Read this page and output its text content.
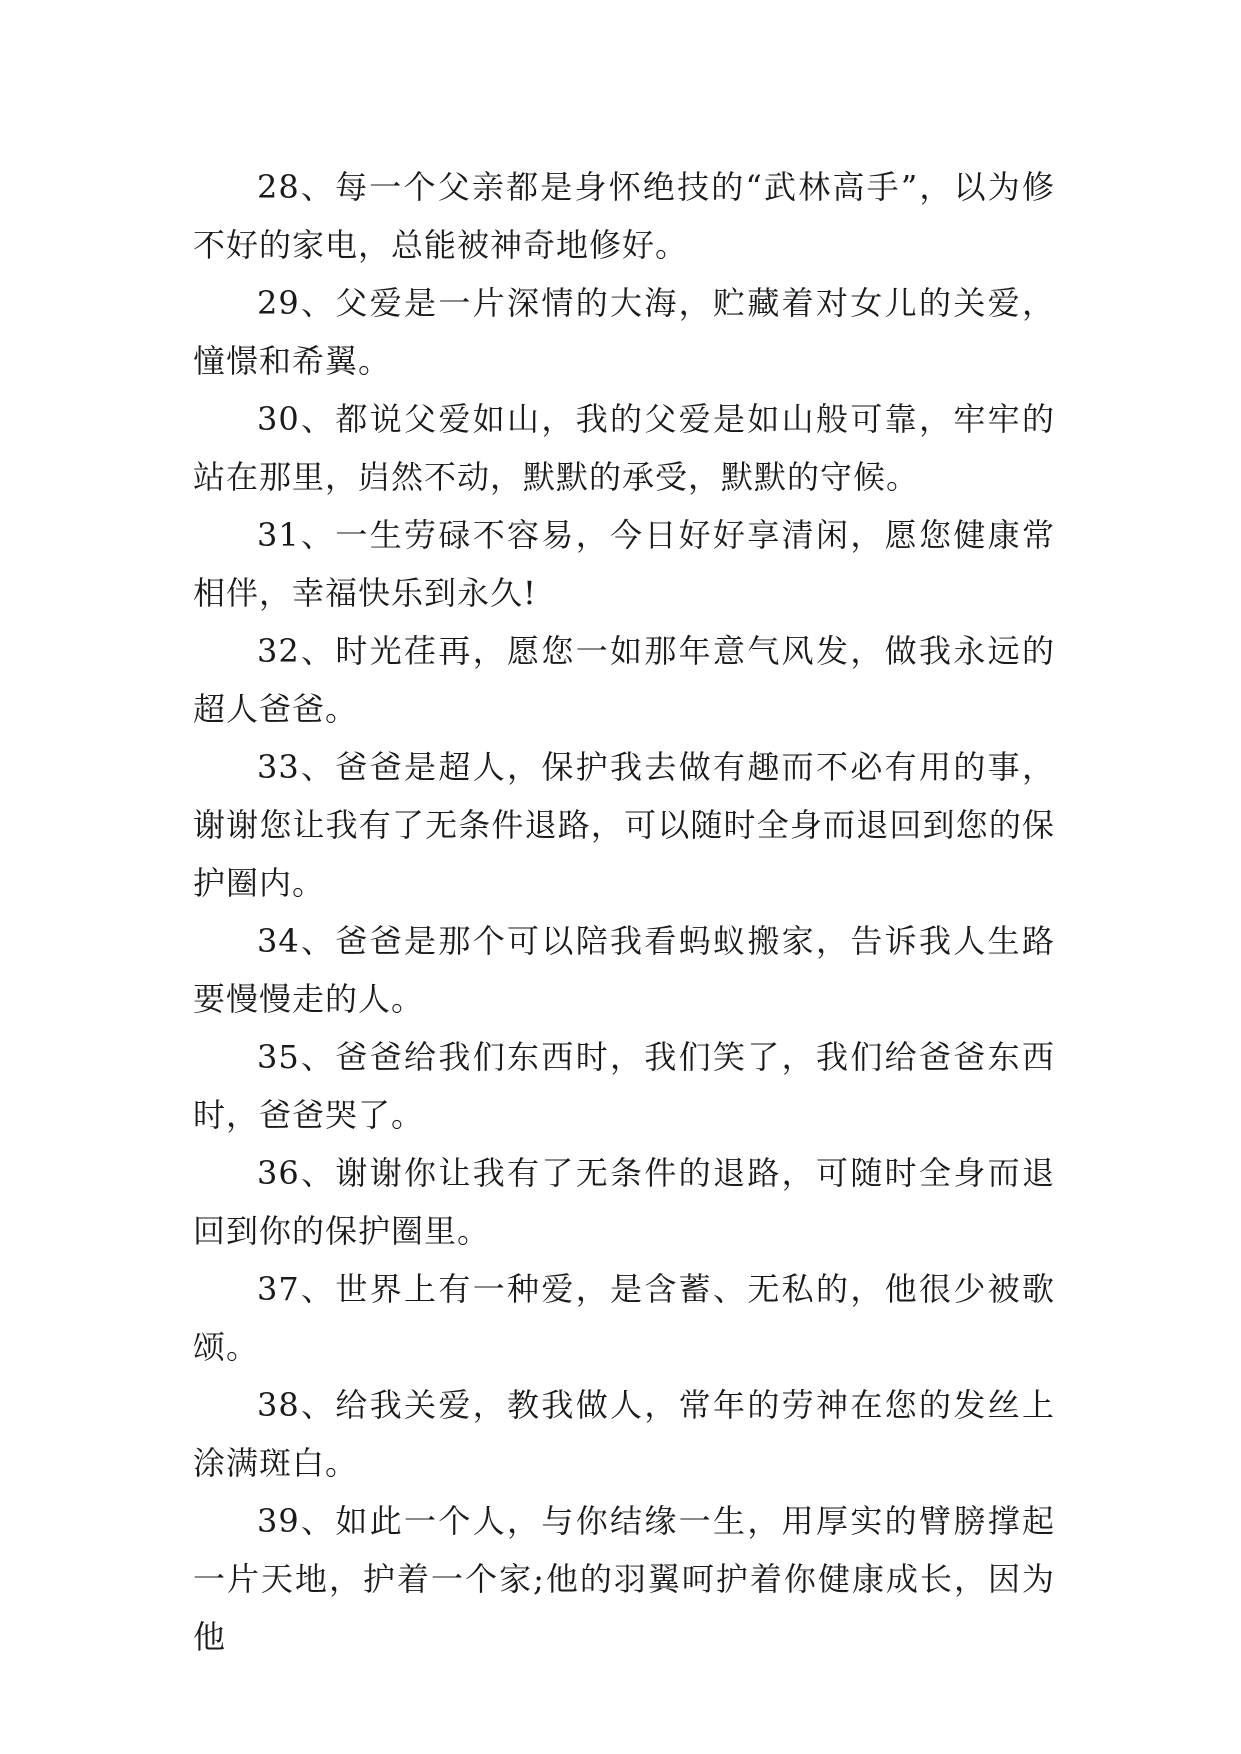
28、每一个父亲都是身怀绝技的“武林高手”，以为修不好的家电，总能被神奇地修好。

29、父爱是一片深情的大海，贮藏着对女儿的关爱，憧憬和希翼。

30、都说父爱如山，我的父爱是如山般可靠，牢牢的站在那里，岿然不动，默默的承受，默默的守候。

31、一生劳碌不容易，今日好好享清闲，愿您健康常相伴，幸福快乐到永久!

32、时光荏再，愿您一如那年意气风发，做我永远的超人爸爸。

33、爸爸是超人，保护我去做有趣而不必有用的事，谢谢您让我有了无条件退路，可以随时全身而退回到您的保护圈内。

34、爸爸是那个可以陪我看蚂蚁搬家，告诉我人生路要慢慢走的人。

35、爸爸给我们东西时，我们笑了，我们给爸爸东西时，爸爸哭了。

36、谢谢你让我有了无条件的退路，可随时全身而退回到你的保护圈里。

37、世界上有一种爱，是含蓄、无私的，他很少被歌颂。

38、给我关爱，教我做人，常年的劳神在您的发丝上涂满斑白。

39、如此一个人，与你结缘一生，用厚实的臂膀撑起一片天地，护着一个家;他的羽翼呵护着你健康成长，因为他
